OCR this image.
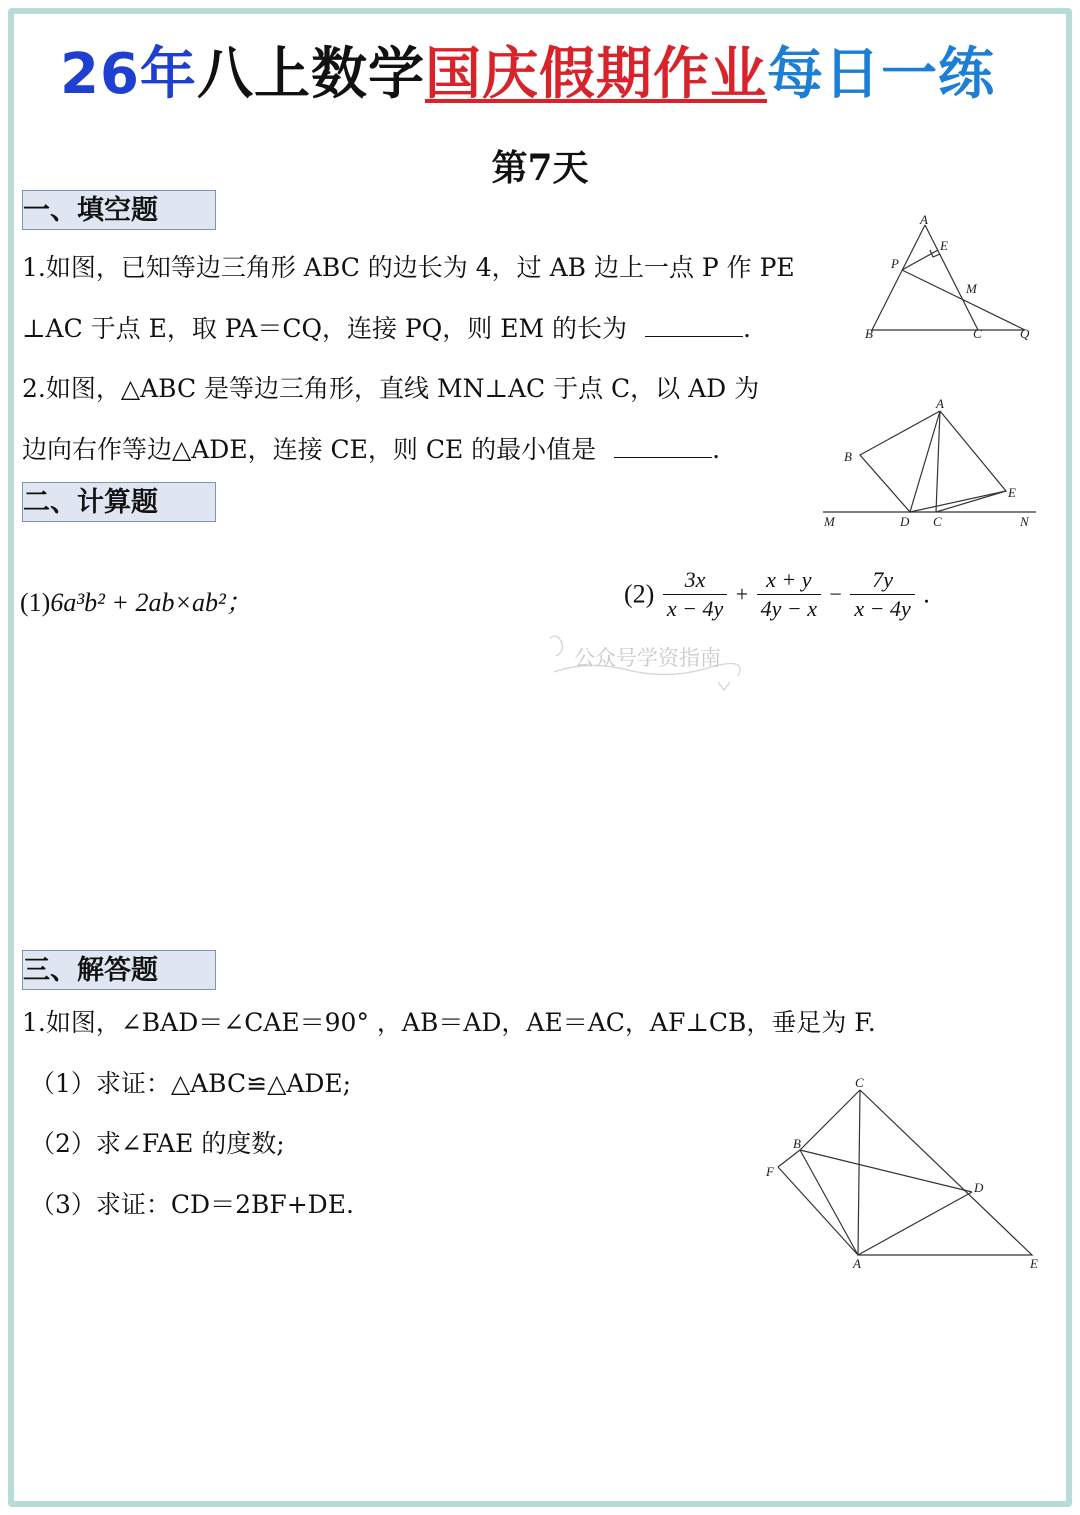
26年八上数学国庆假期作业每日一练
第7天
一、填空题
1.如图，已知等边三角形 ABC 的边长为 4，过 AB 边上一点 P 作 PE
⊥AC 于点 E，取 PA＝CQ，连接 PQ，则 EM 的长为	.
2.如图，△ABC 是等边三角形，直线 MN⊥AC 于点 C，以 AD 为
边向右作等边△ADE，连接 CE，则 CE 的最小值是	.
A
E
P
M
B	C	Q
A
B
E
M	D C	N
二、计算题
(1)6a³b² + 2ab×ab²；	$(2) \frac{3x}{x - 4y} + \frac{x + y}{4y - x} - \frac{7y}{x - 4y}$ .
公众号学资指南
三、解答题
1.如图，∠BAD＝∠CAE＝90° ，AB＝AD，AE＝AC，AF⊥CB，垂足为 F.
（1）求证：△ABC≌△ADE;
（2）求∠FAE 的度数;
（3）求证：CD＝2BF+DE.
C
B
F
D
A	E
